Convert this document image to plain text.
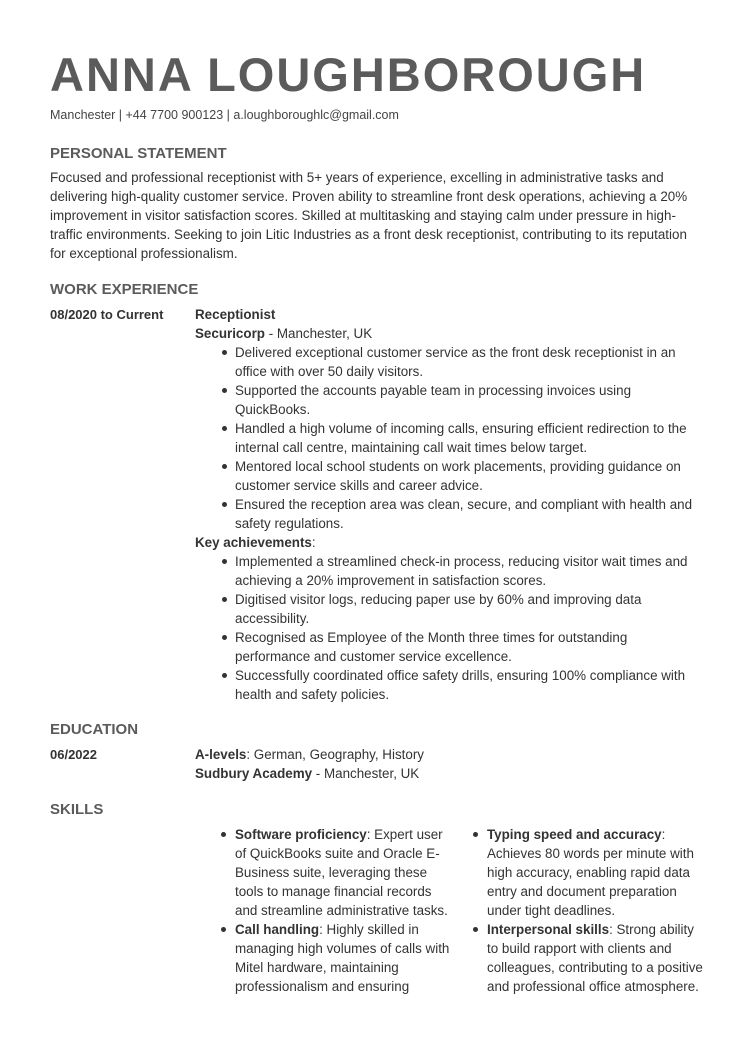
ANNA LOUGHBOROUGH
Manchester | +44 7700 900123 | a.loughboroughlc@gmail.com
PERSONAL STATEMENT

Focused and professional receptionist with 5+ years of experience, excelling in administrative tasks and delivering high-quality customer service. Proven ability to streamline front desk operations, achieving a 20% improvement in visitor satisfaction scores. Skilled at multitasking and staying calm under pressure in high-traffic environments. Seeking to join Litic Industries as a front desk receptionist, contributing to its reputation for exceptional professionalism.

WORK EXPERIENCE
08/2020 to Current Receptionist
Securicorp - Manchester, UK
Delivered exceptional customer service as the front desk receptionist in an office with over 50 daily visitors.
Supported the accounts payable team in processing invoices using QuickBooks.
Handled a high volume of incoming calls, ensuring efficient redirection to the internal call centre, maintaining call wait times below target.
Mentored local school students on work placements, providing guidance on customer service skills and career advice.
Ensured the reception area was clean, secure, and compliant with health and safety regulations.
Key achievements:
Implemented a streamlined check-in process, reducing visitor wait times and achieving a 20% improvement in satisfaction scores.
Digitised visitor logs, reducing paper use by 60% and improving data accessibility.
Recognised as Employee of the Month three times for outstanding performance and customer service excellence.
Successfully coordinated office safety drills, ensuring 100% compliance with health and safety policies.
EDUCATION
06/2022	A-levels: German, Geography, History
Sudbury Academy - Manchester, UK
SKILLS
Software proficiency: Expert user of QuickBooks suite and Oracle E-Business suite, leveraging these tools to manage financial records and streamline administrative tasks.
Call handling: Highly skilled in managing high volumes of calls with Mitel hardware, maintaining professionalism and ensuring
Typing speed and accuracy: Achieves 80 words per minute with high accuracy, enabling rapid data entry and document preparation under tight deadlines.
Interpersonal skills: Strong ability to build rapport with clients and colleagues, contributing to a positive and professional office atmosphere.
